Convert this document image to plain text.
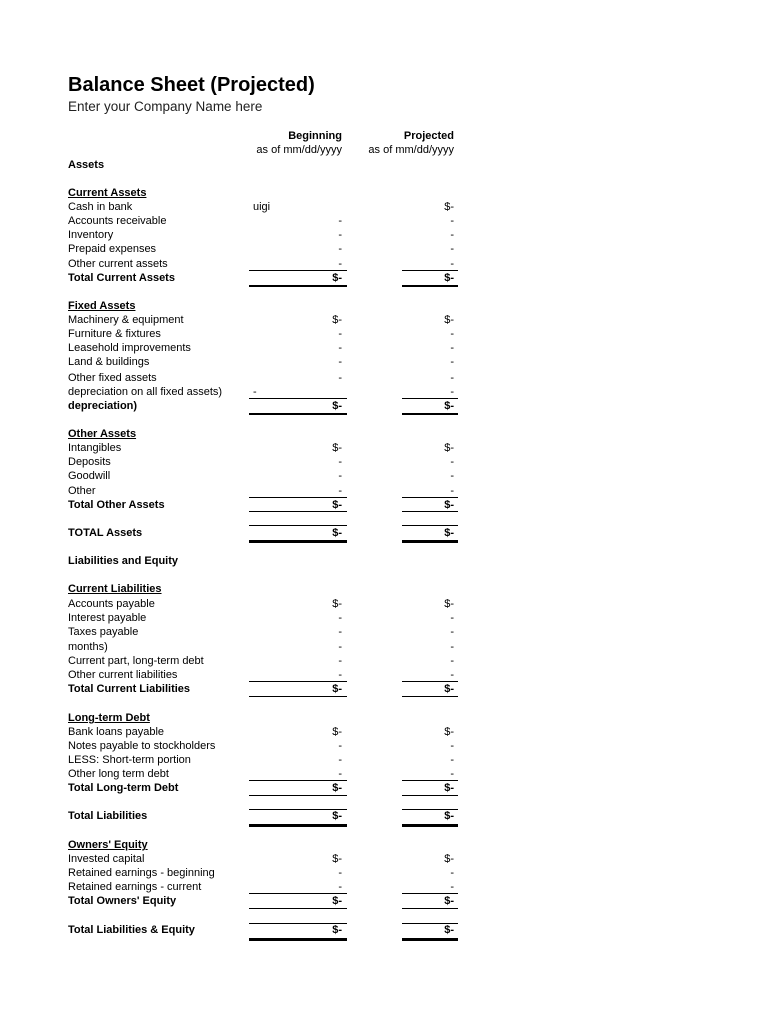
Balance Sheet (Projected)
Enter your Company Name here
Beginning	Projected
as of mm/dd/yyyy as of mm/dd/yyyy
Assets
Current Assets
Cash in bank	uigi	$-
Accounts receivable	-	-
Inventory	-	-
Prepaid expenses	-	-
Other current assets	-	-
Total Current Assets	$-	$-
Fixed Assets
Machinery & equipment	$-	$-
Furniture & fixtures	-	-
Leasehold improvements	-	-
Land & buildings	-	-
Other fixed assets	-	-
depreciation on all fixed assets)	-	-
depreciation)	$-	$-
Other Assets
Intangibles	$-	$-
Deposits	-	-
Goodwill	-	-
Other	-	-
Total Other Assets	$-	$-
TOTAL Assets	$-	$-
Liabilities and Equity
Current Liabilities
Accounts payable	$-	$-
Interest payable	-	-
Taxes payable	-	-
months)	-	-
Current part, long-term debt	-	-
Other current liabilities	-	-
Total Current Liabilities	$-	$-
Long-term Debt
Bank loans payable	$-	$-
Notes payable to stockholders	-	-
LESS: Short-term portion	-	-
Other long term debt	-	-
Total Long-term Debt	$-	$-
Total Liabilities	$-	$-
Owners' Equity
Invested capital	$-	$-
Retained earnings - beginning	-	-
Retained earnings - current	-	-
Total Owners' Equity	$-	$-
Total Liabilities & Equity	$-	$-
